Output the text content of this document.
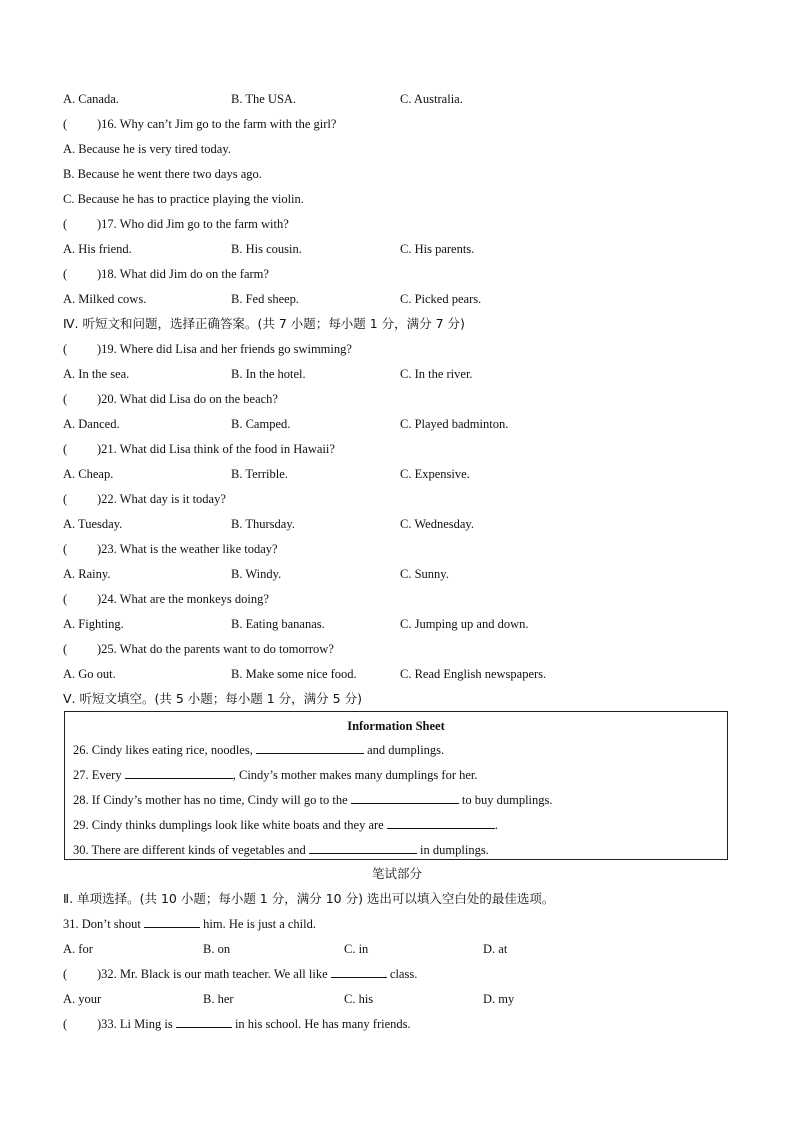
A. Canada.	B. The USA.	C. Australia.
( )16. Why can’t Jim go to the farm with the girl?
A. Because he is very tired today.
B. Because he went there two days ago.
C. Because he has to practice playing the violin.
( )17. Who did Jim go to the farm with?
A. His friend.	B. His cousin.	C. His parents.
( )18. What did Jim do on the farm?
A. Milked cows.	B. Fed sheep.	C. Picked pears.
Ⅳ. 听短文和问题，选择正确答案。(共 7 小题；每小题 1 分，满分 7 分)
( )19. Where did Lisa and her friends go swimming?
A. In the sea.	B. In the hotel.	C. In the river.
( )20. What did Lisa do on the beach?
A. Danced.	B. Camped.	C. Played badminton.
( )21. What did Lisa think of the food in Hawaii?
A. Cheap.	B. Terrible.	C. Expensive.
( )22. What day is it today?
A. Tuesday.	B. Thursday.	C. Wednesday.
( )23. What is the weather like today?
A. Rainy.	B. Windy.	C. Sunny.
( )24. What are the monkeys doing?
A. Fighting.	B. Eating bananas.	C. Jumping up and down.
( )25. What do the parents want to do tomorrow?
A. Go out.	B. Make some nice food.	C. Read English newspapers.
Ⅴ. 听短文填空。(共 5 小题；每小题 1 分，满分 5 分)
Information Sheet
26. Cindy likes eating rice, noodles,	and dumplings.
27. Every	, Cindy’s mother makes many dumplings for her.
28. If Cindy’s mother has no time, Cindy will go to the	to buy dumplings.
29. Cindy thinks dumplings look like white boats and they are	.
30. There are different kinds of vegetables and	in dumplings.
笔试部分
Ⅱ. 单项选择。(共 10 小题；每小题 1 分，满分 10 分) 选出可以填入空白处的最佳选项。
31. Don’t shout	him. He is just a child.
A. for	B. on	C. in	D. at
( )32. Mr. Black is our math teacher. We all like	class.
A. your	B. her	C. his	D. my
( )33. Li Ming is	in his school. He has many friends.
